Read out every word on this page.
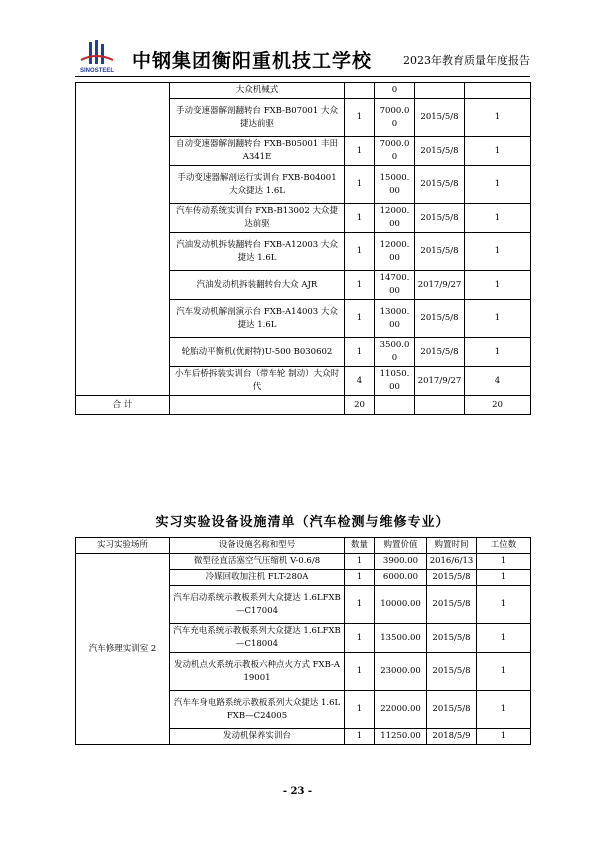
SINOSTEEL 中钢集团衡阳重机技工学校	2023年教育质量年度报告
	大众机械式		0		
	手动变速器解剖翻转台 FXB-B07001 大众捷达前驱	1	7000.00	2015/5/8	1
	自动变速器解剖翻转台 FXB-B05001 丰田 A341E	1	7000.00	2015/5/8	1
	手动变速器解剖运行实训台 FXB-B04001 大众捷达 1.6L	1	15000.00	2015/5/8	1
	汽车传动系统实训台 FXB-B13002 大众捷达前驱	1	12000.00	2015/5/8	1
	汽油发动机拆装翻转台 FXB-A12003 大众捷达 1.6L	1	12000.00	2015/5/8	1
	汽油发动机拆装翻转台大众 AJR	1	14700.00	2017/9/27	1
	汽车发动机解剖演示台 FXB-A14003 大众捷达 1.6L	1	13000.00	2015/5/8	1
	轮胎动平衡机(优耐特)U-500 B030602	1	3500.00	2015/5/8	1
	小车后桥拆装实训台（带车轮 制动）大众时代	4	11050.00	2017/9/27	4
合 计		20			20
实习实验设备设施清单（汽车检测与维修专业）
实习实验场所	设备设施名称和型号	数量	购置价值	购置时间	工位数
汽车修理实训室 2	微型径直活塞空气压缩机 V-0.6/8	1	3900.00	2016/6/13	1
	冷媒回收加注机 FLT-280A	1	6000.00	2015/5/8	1
	汽车启动系统示教板系列大众捷达 1.6LFXB—C17004	1	10000.00	2015/5/8	1
	汽车充电系统示教板系列大众捷达 1.6LFXB—C18004	1	13500.00	2015/5/8	1
	发动机点火系统示教板六种点火方式 FXB-A19001	1	23000.00	2015/5/8	1
	汽车车身电路系统示教板系列大众捷达 1.6LFXB—C24005	1	22000.00	2015/5/8	1
	发动机保养实训台	1	11250.00	2018/5/9	1
- 23 -
